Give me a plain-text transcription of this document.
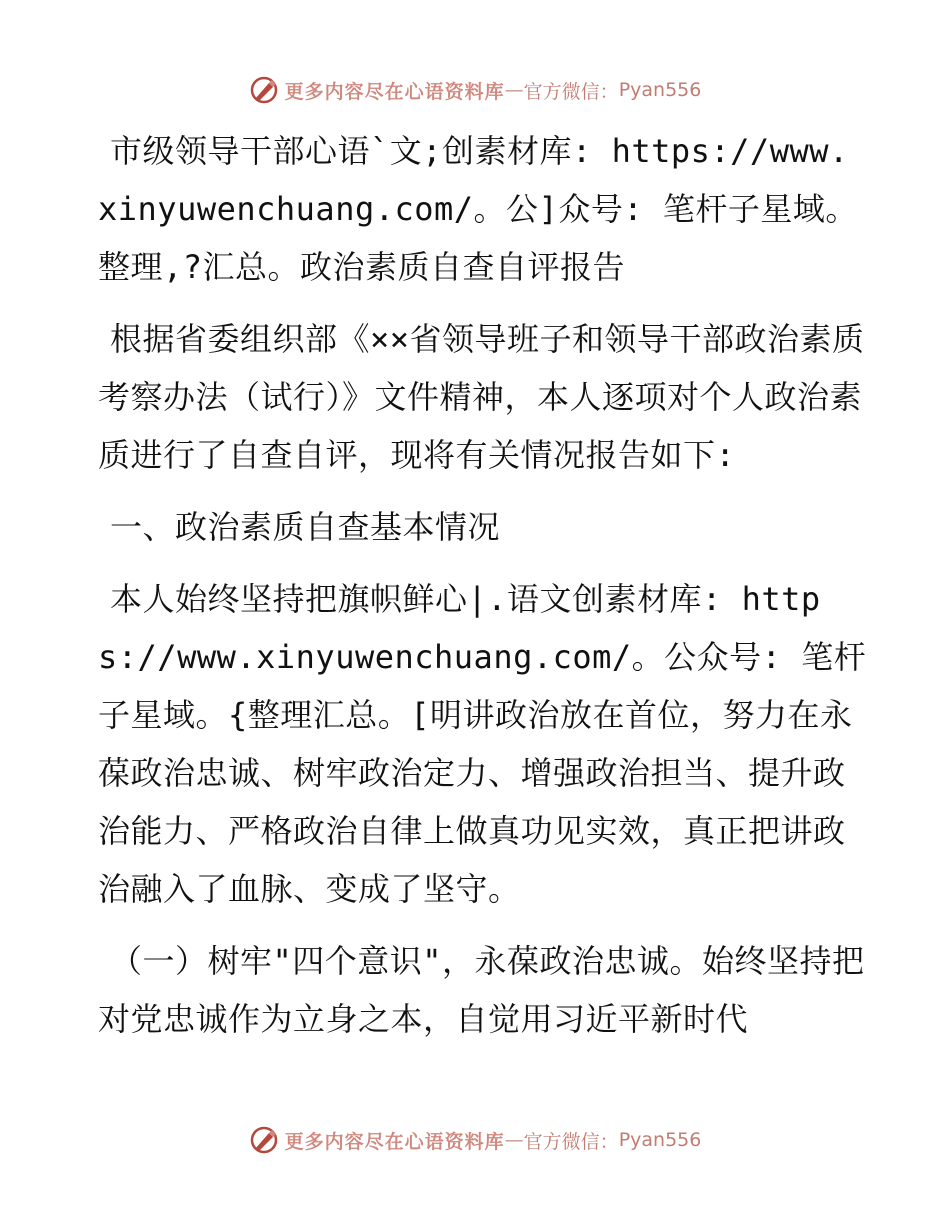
更多内容尽在心语资料库 — 官方微信： Pyan556

市级领导干部心语`文;创素材库: https://www.xinyuwenchuang.com/。公]众号: 笔杆子星域。整理,?汇总。政治素质自查自评报告

根据省委组织部《××省领导班子和领导干部政治素质考察办法（试行）》文件精神，本人逐项对个人政治素质进行了自查自评，现将有关情况报告如下:

一、政治素质自查基本情况

本人始终坚持把旗帜鲜心|.语文创素材库: https://www.xinyuwenchuang.com/。公众号: 笔杆子星域。{整理汇总。[明讲政治放在首位，努力在永葆政治忠诚、树牢政治定力、增强政治担当、提升政治能力、严格政治自律上做真功见实效，真正把讲政治融入了血脉、变成了坚守。

（一）树牢"四个意识"，永葆政治忠诚。始终坚持把对党忠诚作为立身之本，自觉用习近平新时代

更多内容尽在心语资料库 — 官方微信： Pyan556
